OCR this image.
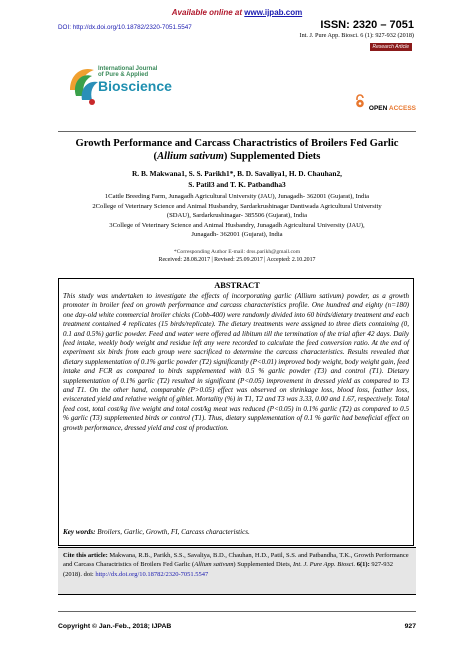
Available online at www.ijpab.com
DOI: http://dx.doi.org/10.18782/2320-7051.5547	ISSN: 2320 – 7051
Int. J. Pure App. Biosci. 6 (1): 927-932 (2018)
Research Article
International Journal
of Pure & Applied
Bioscience
OPEN ACCESS
Growth Performance and Carcass Charactristics of Broilers Fed Garlic
(Allium sativum) Supplemented Diets
R. B. Makwana1, S. S. Parikh1*, B. D. Savaliya1, H. D. Chauhan2,
S. Patil3 and T. K. Patbandha3
1Cattle Breeding Farm, Junagadh Agricultural University (JAU), Junagadh- 362001 (Gujarat), India
2College of Veterinary Science and Animal Husbandry, Sardarkrushinagar Dantiwada Agricultural University
(SDAU), Sardarkrushinagar- 385506 (Gujarat), India
3College of Veterinary Science and Animal Husbandry, Junagadh Agricultural University (JAU),
Junagadh- 362001 (Gujarat), India
*Corresponding Author E-mail: drss.parikh@gmail.com
Received: 28.08.2017 | Revised: 25.09.2017 | Accepted: 2.10.2017
ABSTRACT
This study was undertaken to investigate the effects of incorporating garlic (Allium sativum) powder, as a growth promoter in broiler feed on growth performance and carcass characteristics profile. One hundred and eighty (n=180) one day-old white commercial broiler chicks (Cobb-400) were randomly divided into 60 birds/dietary treatment and each treatment contained 4 replicates (15 birds/replicate). The dietary treatments were assigned to three diets containing (0, 0.1 and 0.5%) garlic powder. Feed and water were offered ad libitum till the termination of the trial after 42 days. Daily feed intake, weekly body weight and residue left any were recorded to calculate the feed conversion ratio. At the end of experiment six birds from each group were sacrificed to determine the carcass characteristics. Results revealed that dietary supplementation of 0.1% garlic powder (T2) significantly (P<0.01) improved body weight, body weight gain, feed intake and FCR as compared to birds supplemented with 0.5 % garlic powder (T3) and control (T1). Dietary supplementation of 0.1% garlic (T2) resulted in significant (P<0.05) improvement in dressed yield as compared to T3 and T1. On the other hand, comparable (P>0.05) effect was observed on shrinkage loss, blood loss, feather loss, eviscerated yield and relative weight of giblet. Mortality (%) in T1, T2 and T3 was 3.33, 0.00 and 1.67, respectively. Total feed cost, total cost/kg live weight and total cost/kg meat was reduced (P<0.05) in 0.1% garlic (T2) as compared to 0.5 % garlic (T3) supplemented birds or control (T1). Thus, dietary supplementation of 0.1 % garlic had beneficial effect on growth performance, dressed yield and cost of production.
Key words: Broilers, Garlic, Growth, FI, Carcass characteristics.
Cite this article: Makwana, R.B., Parikh, S.S., Savaliya, B.D., Chauhan, H.D., Patil, S.S. and Patbandha, T.K., Growth Performance and Carcass Charactristics of Broilers Fed Garlic (Allium sativum) Supplemented Diets, Int. J. Pure App. Biosci. 6(1): 927-932 (2018). doi: http://dx.doi.org/10.18782/2320-7051.5547
Copyright © Jan.-Feb., 2018; IJPAB	927
